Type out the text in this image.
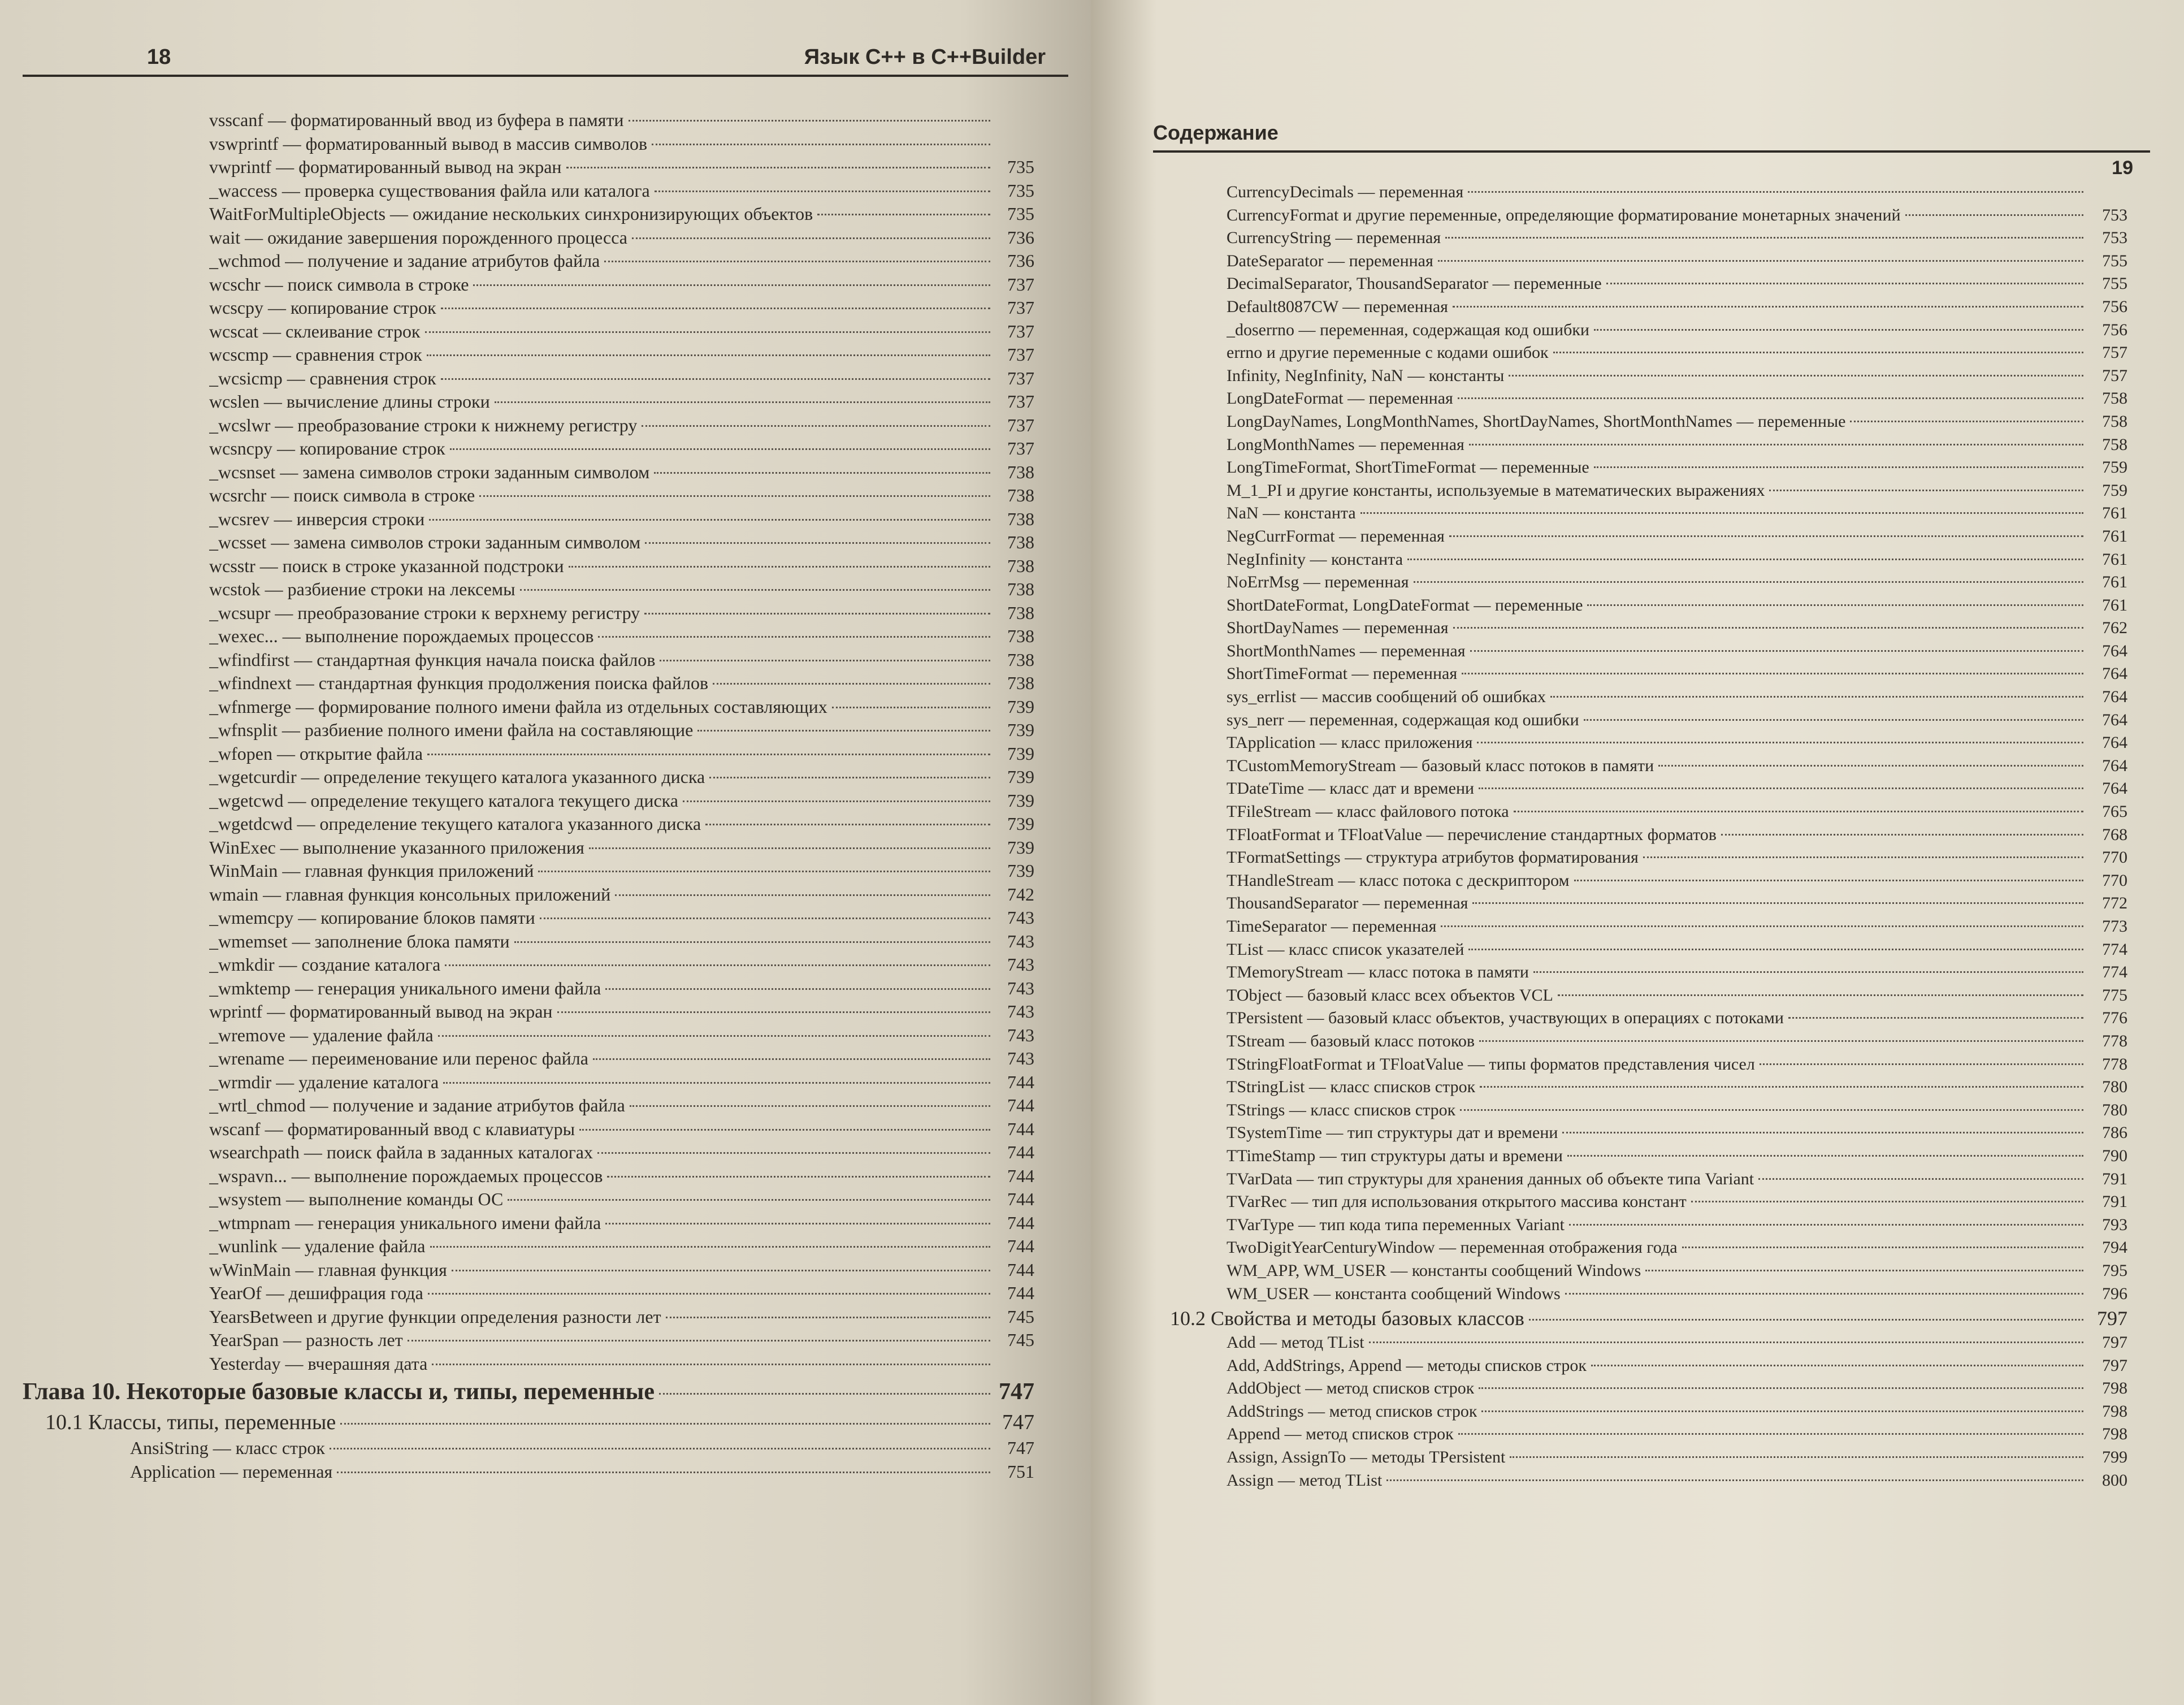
18	Язык C++ в C++Builder
vsscanf — форматированный ввод из буфера в памяти
vswprintf — форматированный вывод в массив символов
vwprintf — форматированный вывод на экран	735
_waccess — проверка существования файла или каталога	735
WaitForMultipleObjects — ожидание нескольких синхронизирующих объектов	735
wait — ожидание завершения порожденного процесса	736
_wchmod — получение и задание атрибутов файла	736
wcschr — поиск символа в строке	737
wcscpy — копирование строк	737
wcscat — склеивание строк	737
wcscmp — сравнения строк	737
_wcsicmp — сравнения строк	737
wcslen — вычисление длины строки	737
_wcslwr — преобразование строки к нижнему регистру	737
wcsncpy — копирование строк	737
_wcsnset — замена символов строки заданным символом	738
wcsrchr — поиск символа в строке	738
_wcsrev — инверсия строки	738
_wcsset — замена символов строки заданным символом	738
wcsstr — поиск в строке указанной подстроки	738
wcstok — разбиение строки на лексемы	738
_wcsupr — преобразование строки к верхнему регистру	738
_wexec... — выполнение порождаемых процессов	738
_wfindfirst — стандартная функция начала поиска файлов	738
_wfindnext — стандартная функция продолжения поиска файлов	738
_wfnmerge — формирование полного имени файла из отдельных составляющих	739
_wfnsplit — разбиение полного имени файла на составляющие	739
_wfopen — открытие файла	739
_wgetcurdir — определение текущего каталога указанного диска	739
_wgetcwd — определение текущего каталога текущего диска	739
_wgetdcwd — определение текущего каталога указанного диска	739
WinExec — выполнение указанного приложения	739
WinMain — главная функция приложений	739
wmain — главная функция консольных приложений	742
_wmemcpy — копирование блоков памяти	743
_wmemset — заполнение блока памяти	743
_wmkdir — создание каталога	743
_wmktemp — генерация уникального имени файла	743
wprintf — форматированный вывод на экран	743
_wremove — удаление файла	743
_wrename — переименование или перенос файла	743
_wrmdir — удаление каталога	744
_wrtl_chmod — получение и задание атрибутов файла	744
wscanf — форматированный ввод с клавиатуры	744
wsearchpath — поиск файла в заданных каталогах	744
_wspavn... — выполнение порождаемых процессов	744
_wsystem — выполнение команды ОС	744
_wtmpnam — генерация уникального имени файла	744
_wunlink — удаление файла	744
wWinMain — главная функция	744
YearOf — дешифрация года	744
YearsBetween и другие функции определения разности лет	745
YearSpan — разность лет	745
Yesterday — вчерашняя дата
Глава 10. Некоторые базовые классы и, типы, переменные	747
10.1 Классы, типы, переменные	747
AnsiString — класс строк	747
Application — переменная	751
Содержание
19
CurrencyDecimals — переменная
CurrencyFormat и другие переменные, определяющие форматирование монетарных значений	753
CurrencyString — переменная	753
DateSeparator — переменная	755
DecimalSeparator, ThousandSeparator — переменные	755
Default8087CW — переменная	756
_doserrno — переменная, содержащая код ошибки	756
errno и другие переменные с кодами ошибок	757
Infinity, NegInfinity, NaN — константы	757
LongDateFormat — переменная	758
LongDayNames, LongMonthNames, ShortDayNames, ShortMonthNames — переменные	758
LongMonthNames — переменная	758
LongTimeFormat, ShortTimeFormat — переменные	759
M_1_PI и другие константы, используемые в математических выражениях	759
NaN — константа	761
NegCurrFormat — переменная	761
NegInfinity — константа	761
NoErrMsg — переменная	761
ShortDateFormat, LongDateFormat — переменные	761
ShortDayNames — переменная	762
ShortMonthNames — переменная	764
ShortTimeFormat — переменная	764
sys_errlist — массив сообщений об ошибках	764
sys_nerr — переменная, содержащая код ошибки	764
TApplication — класс приложения	764
TCustomMemoryStream — базовый класс потоков в памяти	764
TDateTime — класс дат и времени	764
TFileStream — класс файлового потока	765
TFloatFormat и TFloatValue — перечисление стандартных форматов	768
TFormatSettings — структура атрибутов форматирования	770
THandleStream — класс потока с дескриптором	770
ThousandSeparator — переменная	772
TimeSeparator — переменная	773
TList — класс список указателей	774
TMemoryStream — класс потока в памяти	774
TObject — базовый класс всех объектов VCL	775
TPersistent — базовый класс объектов, участвующих в операциях с потоками	776
TStream — базовый класс потоков	778
TStringFloatFormat и TFloatValue — типы форматов представления чисел	778
TStringList — класс списков строк	780
TStrings — класс списков строк	780
TSystemTime — тип структуры дат и времени	786
TTimeStamp — тип структуры даты и времени	790
TVarData — тип структуры для хранения данных об объекте типа Variant	791
TVarRec — тип для использования открытого массива констант	791
TVarType — тип кода типа переменных Variant	793
TwoDigitYearCenturyWindow — переменная отображения года	794
WM_APP, WM_USER — константы сообщений Windows	795
WM_USER — константа сообщений Windows	796
10.2 Свойства и методы базовых классов	797
Add — метод TList	797
Add, AddStrings, Append — методы списков строк	797
AddObject — метод списков строк	798
AddStrings — метод списков строк	798
Append — метод списков строк	798
Assign, AssignTo — методы TPersistent	799
Assign — метод TList	800
